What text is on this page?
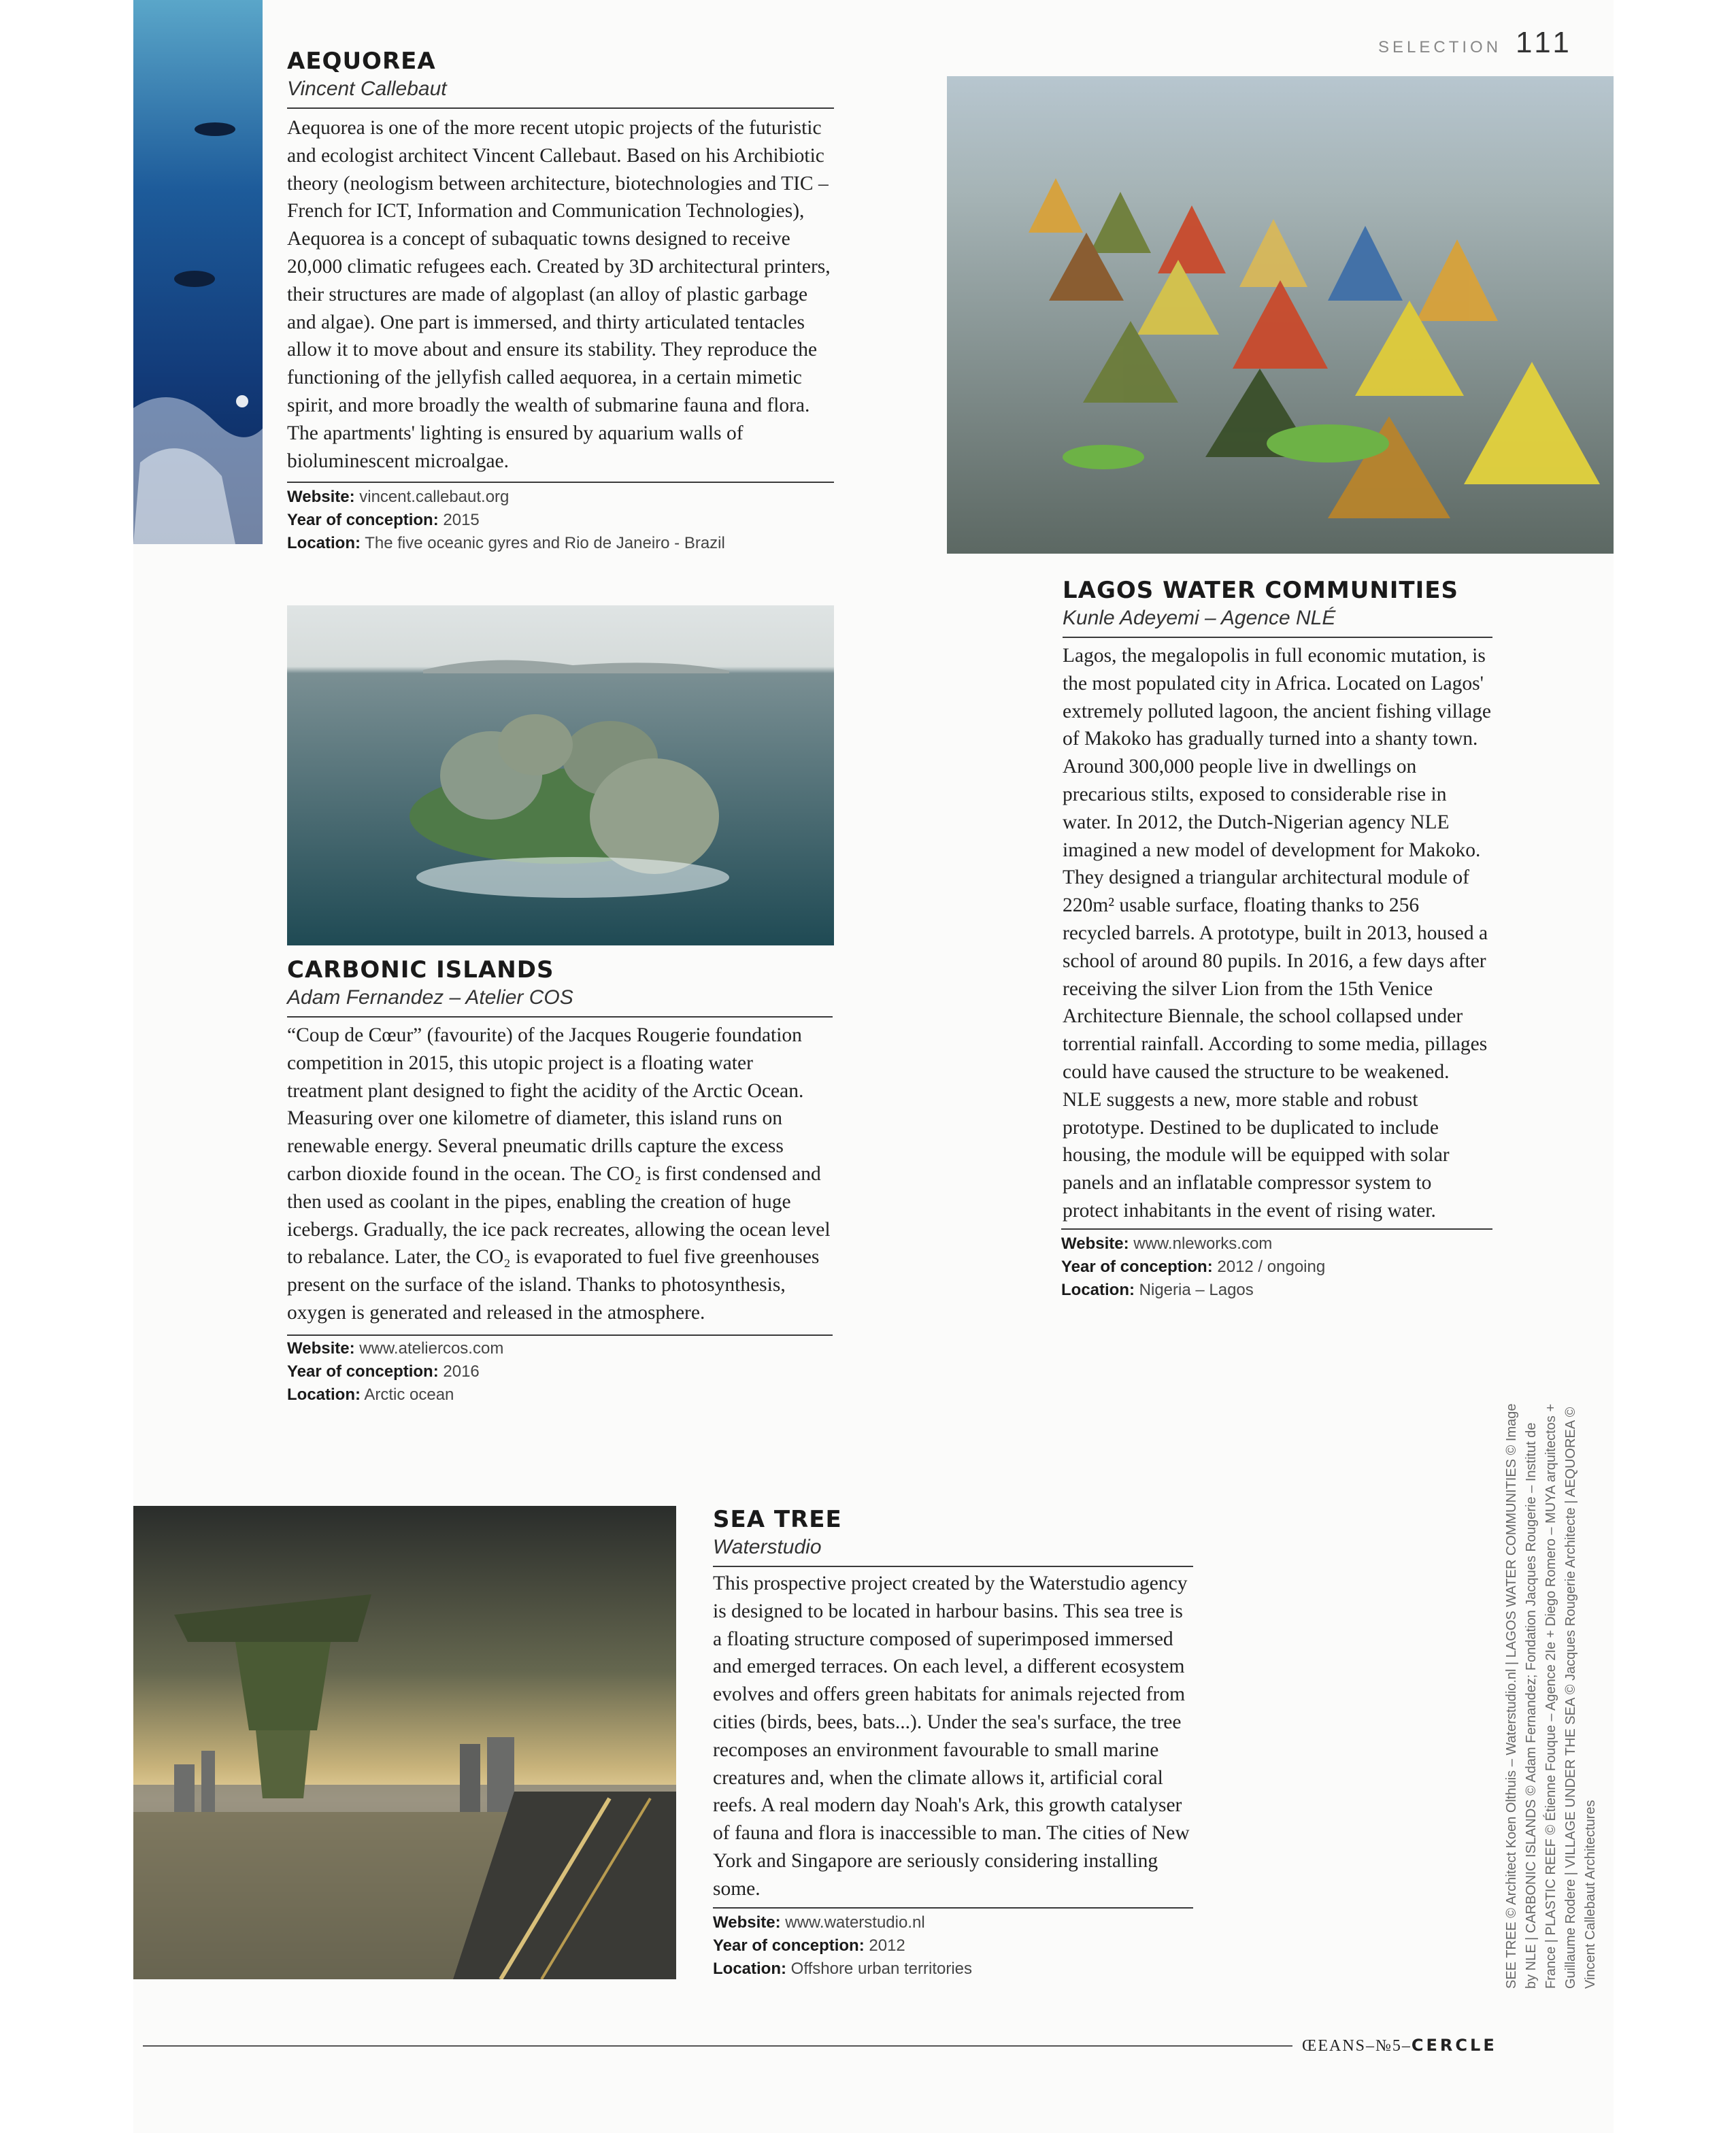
SELECTION 111
AEQUOREA
Vincent Callebaut

Aequorea is one of the more recent utopic projects of the futuristic and ecologist architect Vincent Callebaut. Based on his Archibiotic theory (neologism between architecture, biotechnologies and TIC – French for ICT, Information and Communication Technologies), Aequorea is a concept of subaquatic towns designed to receive 20,000 climatic refugees each. Created by 3D architectural printers, their structures are made of algoplast (an alloy of plastic garbage and algae). One part is immersed, and thirty articulated tentacles allow it to move about and ensure its stability. They reproduce the functioning of the jellyfish called aequorea, in a certain mimetic spirit, and more broadly the wealth of submarine fauna and flora. The apartments' lighting is ensured by aquarium walls of bioluminescent microalgae.

Website: vincent.callebaut.org
Year of conception: 2015
Location: The five oceanic gyres and Rio de Janeiro - Brazil
LAGOS WATER COMMUNITIES
Kunle Adeyemi – Agence NLÉ

Lagos, the megalopolis in full economic mutation, is the most populated city in Africa. Located on Lagos' extremely polluted lagoon, the ancient fishing village of Makoko has gradually turned into a shanty town. Around 300,000 people live in dwellings on precarious stilts, exposed to considerable rise in water. In 2012, the Dutch-Nigerian agency NLE imagined a new model of development for Makoko. They designed a triangular architectural module of 220m² usable surface, floating thanks to 256 recycled barrels. A prototype, built in 2013, housed a school of around 80 pupils. In 2016, a few days after receiving the silver Lion from the 15th Venice Architecture Biennale, the school collapsed under torrential rainfall. According to some media, pillages could have caused the structure to be weakened. NLE suggests a new, more stable and robust prototype. Destined to be duplicated to include housing, the module will be equipped with solar panels and an inflatable compressor system to protect inhabitants in the event of rising water.

Website: www.nleworks.com
Year of conception: 2012 / ongoing
Location: Nigeria – Lagos
CARBONIC ISLANDS
Adam Fernandez – Atelier COS

“Coup de Cœur” (favourite) of the Jacques Rougerie foundation competition in 2015, this utopic project is a floating water treatment plant designed to fight the acidity of the Arctic Ocean. Measuring over one kilometre of diameter, this island runs on renewable energy. Several pneumatic drills capture the excess carbon dioxide found in the ocean. The CO₂ is first condensed and then used as coolant in the pipes, enabling the creation of huge icebergs. Gradually, the ice pack recreates, allowing the ocean level to rebalance. Later, the CO₂ is evaporated to fuel five greenhouses present on the surface of the island. Thanks to photosynthesis, oxygen is generated and released in the atmosphere.

Website: www.ateliercos.com
Year of conception: 2016
Location: Arctic ocean
SEA TREE
Waterstudio

This prospective project created by the Waterstudio agency is designed to be located in harbour basins. This sea tree is a floating structure composed of superimposed immersed and emerged terraces. On each level, a different ecosystem evolves and offers green habitats for animals rejected from cities (birds, bees, bats...). Under the sea's surface, the tree recomposes an environment favourable to small marine creatures and, when the climate allows it, artificial coral reefs. A real modern day Noah's Ark, this growth catalyser of fauna and flora is inaccessible to man. The cities of New York and Singapore are seriously considering installing some.

Website: www.waterstudio.nl
Year of conception: 2012
Location: Offshore urban territories	SEE TREE © Architect Koen Olthuis – Waterstudio.nl | LAGOS WATER COMMUNITIES © Image by NLE | CARBONIC ISLANDS © Adam Fernandez; Fondation Jacques Rougerie – Institut de France | PLASTIC REEF © Étienne Fouque – Agence 2Ie + Diego Romero – MUYA arquitectos + Guillaume Rodere | VILLAGE UNDER THE SEA © Jacques Rougerie Architecte | AEQUOREA © Vincent Callebaut Architectures
ŒEANS–№5–CERCLE
